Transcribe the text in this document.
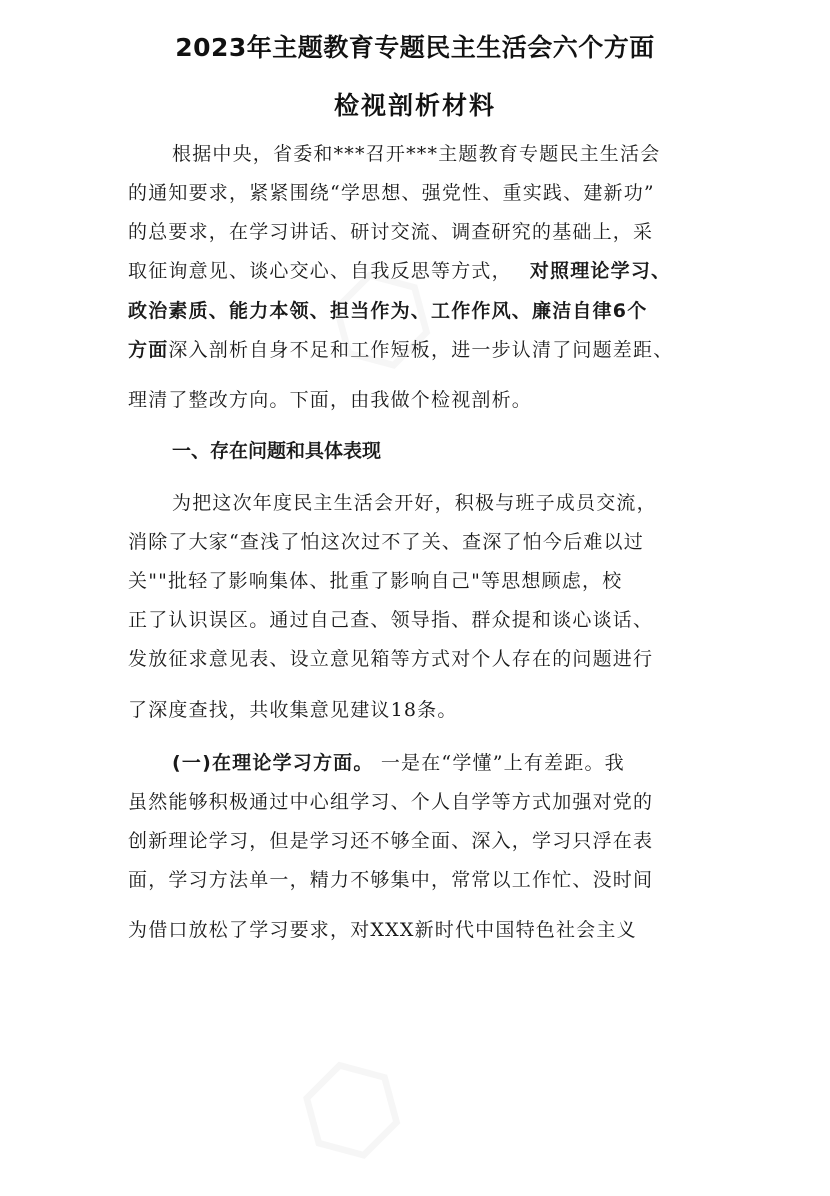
2023年主题教育专题民主生活会六个方面
检视剖析材料
根据中央，省委和***召开***主题教育专题民主生活会
的通知要求，紧紧围绕“学思想、强党性、重实践、建新功”
的总要求，在学习讲话、研讨交流、调查研究的基础上，采
取征询意见、谈心交心、自我反思等方式， 对照理论学习、
政治素质、能力本领、担当作为、工作作风、廉洁自律6个
方面深入剖析自身不足和工作短板，进一步认清了问题差距、
理清了整改方向。下面，由我做个检视剖析。
一、存在问题和具体表现
为把这次年度民主生活会开好，积极与班子成员交流，
消除了大家“查浅了怕这次过不了关、查深了怕今后难以过
关""批轻了影响集体、批重了影响自己"等思想顾虑，校
正了认识误区。通过自己查、领导指、群众提和谈心谈话、
发放征求意见表、设立意见箱等方式对个人存在的问题进行
了深度查找，共收集意见建议18条。
(一)在理论学习方面。 一是在“学懂”上有差距。我
虽然能够积极通过中心组学习、个人自学等方式加强对党的
创新理论学习，但是学习还不够全面、深入，学习只浮在表
面，学习方法单一，精力不够集中，常常以工作忙、没时间
为借口放松了学习要求，对XXX新时代中国特色社会主义
